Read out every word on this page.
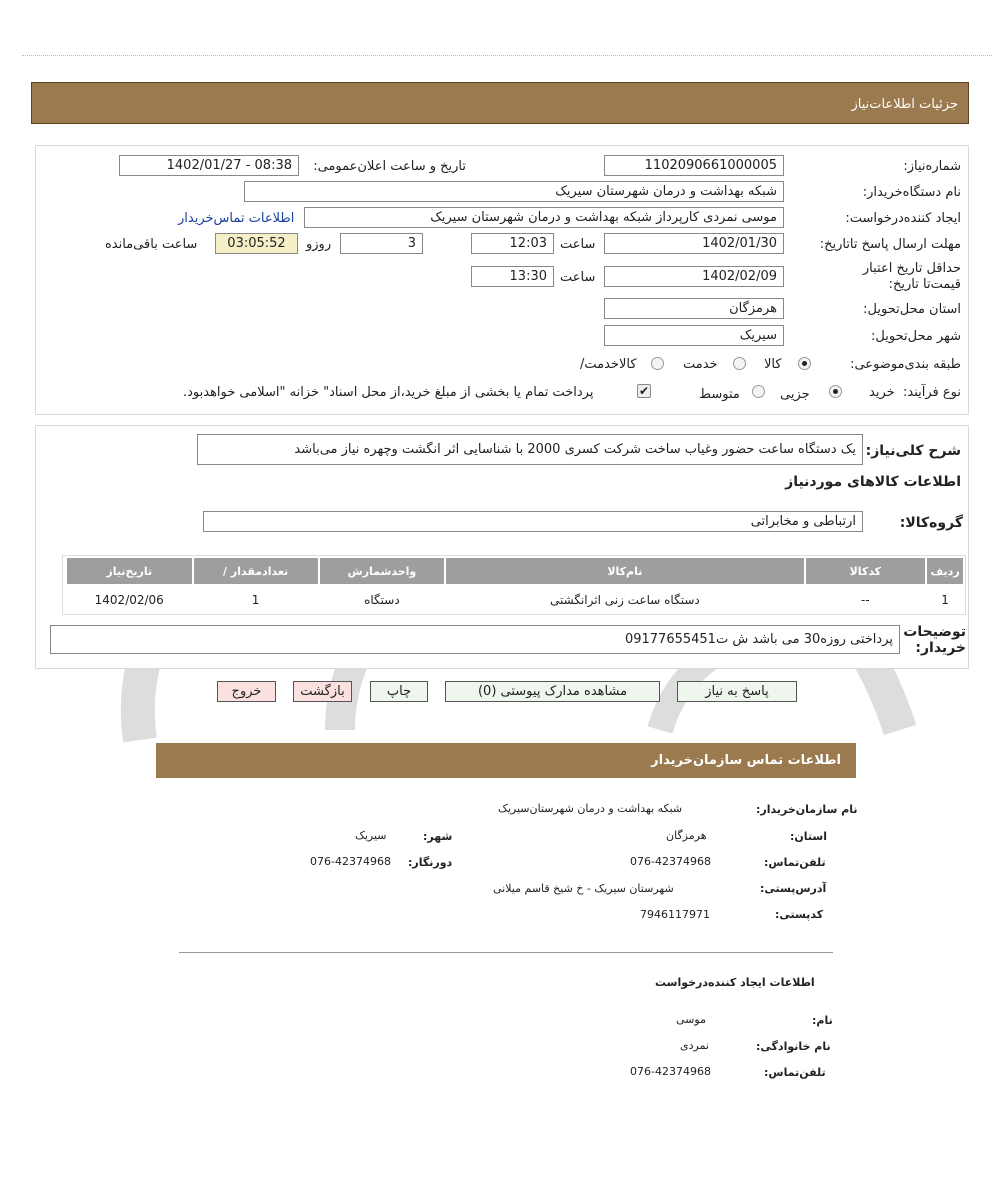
جزئیات اطلاعات‌نیاز
شماره‌نیاز:
1102090661000005
تاریخ و ساعت اعلان‌عمومی:
1402/01/27 - 08:38
نام دستگاه‌خریدار:
شبکه بهداشت و درمان شهرستان سیریک
ایجاد کننده‌درخواست:
موسی نمردی کارپرداز شبکه بهداشت و درمان شهرستان سیریک
اطلاعات تماس‌خریدار
مهلت ارسال پاسخ تا‌تاریخ:
1402/01/30
ساعت
12:03
3
روز‌و
03:05:52
ساعت باقی‌مانده
حداقل تاریخ اعتبار قیمت‌تا تاریخ:
1402/02/09
ساعت
13:30
استان محل‌تحویل:
هرمزگان
شهر محل‌تحویل:
سیریک
طبقه بندی‌موضوعی:
کالا
خدمت
کالا‌خدمت/
نوع فرآیند:
خرید
جزیی
متوسط
✔
پرداخت تمام یا بخشی از مبلغ خرید،از محل اسناد" خزانه "اسلامی خواهد‌‌بود.
شرح کلی‌نیاز:
یک دستگاه ساعت حضور وغیاب ساخت شرکت کسری 2000 با شناسایی اثر انگشت وچهره نیاز می‌باشد
اطلاعات کالاهای موردنیاز
گروه‌کالا:
ارتباطی و مخابراتی
ردیف	کدکالا	نام‌کالا	واحد‌شمارش	تعداد‌مقدار /	تاریخ‌نیاز
1	--	دستگاه ساعت زنی اثرانگشتی	دستگاه	1	1402/02/06
توضیحات خریدار:
پرداختی روزه30 می باشد ش ت09177655451
پاسخ به نیاز
مشاهده مدارک پیوستی (0)
چاپ
بازگشت
خروج
اطلاعات تماس سازمان‌خریدار
نام سازمان‌خریدار:
شبکه بهداشت و درمان شهرستان‌سیریک
استان:
هرمزگان
شهر:
سیریک
تلفن‌تماس:
076-42374968
دورنگار:
076-42374968
آدرس‌پستی:
شهرستان سیریک - خ شیخ قاسم میلانی
کد‌پستی:
7946117971
اطلاعات ایجاد کننده‌درخواست
نام:
موسی
نام خانوادگی:
نمردی
تلفن‌تماس:
076-42374968
